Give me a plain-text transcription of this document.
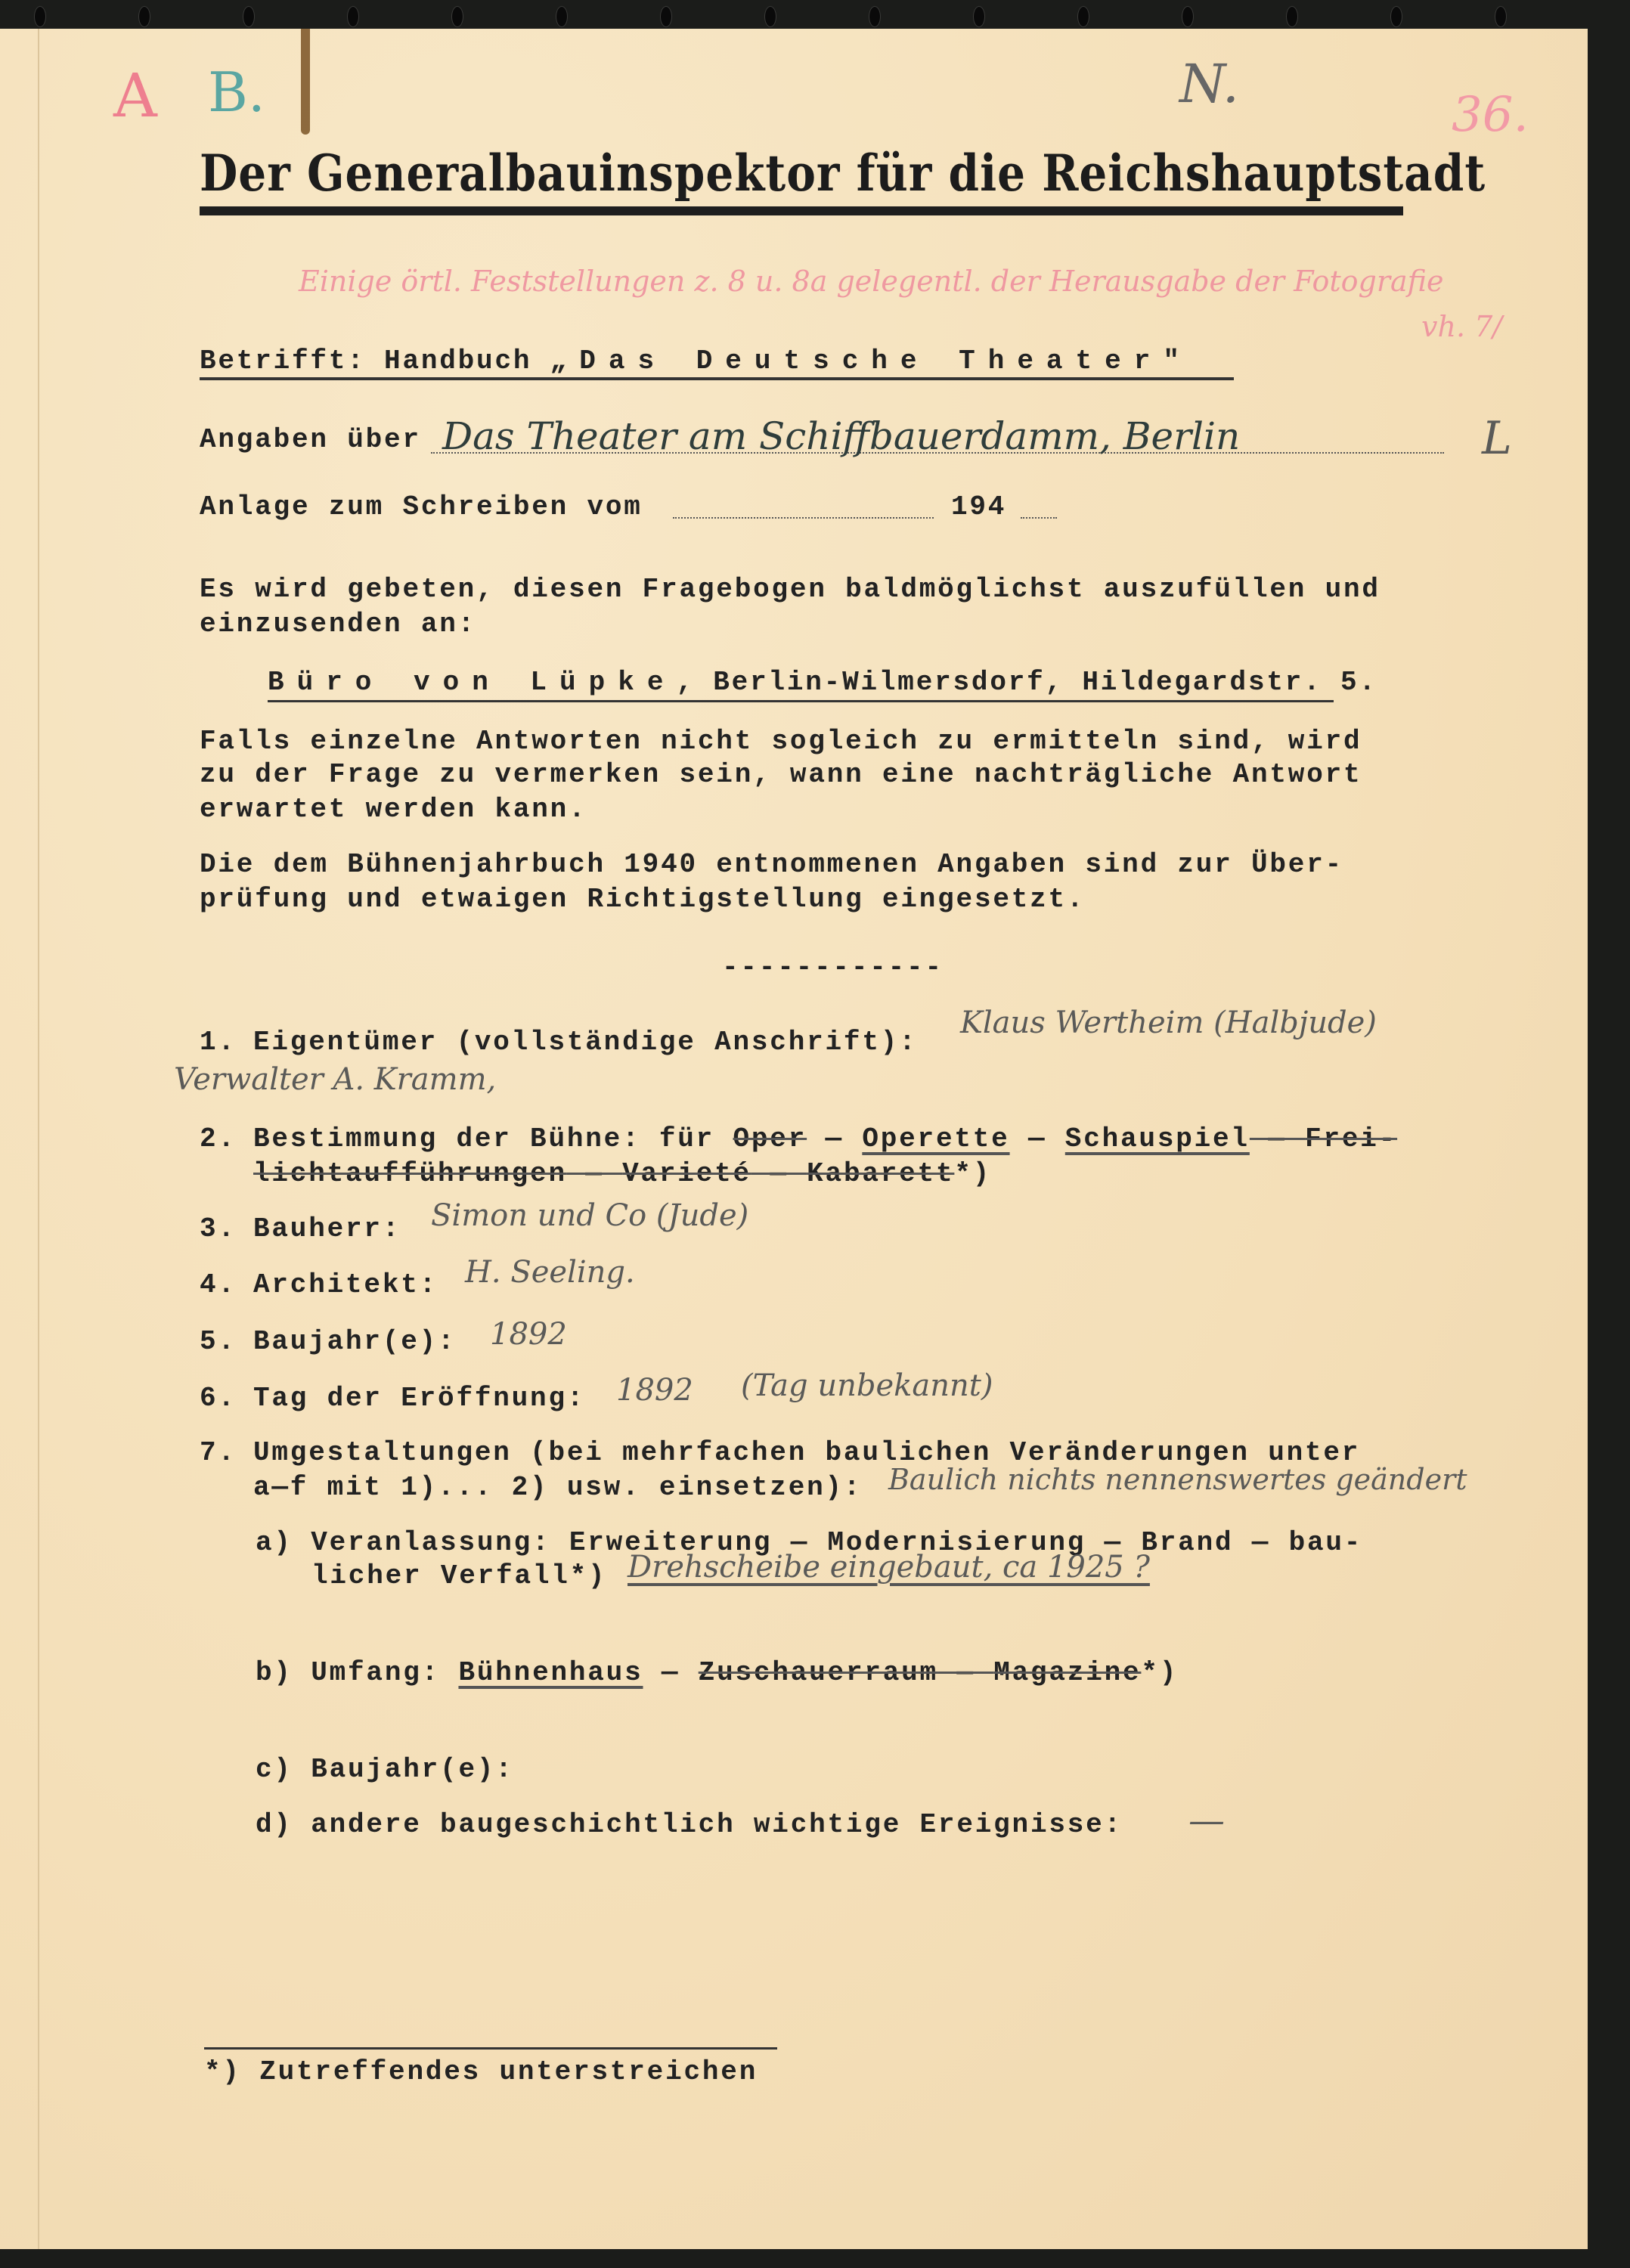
A B.	N.	36.
Der Generalbauinspektor für die Reichshauptstadt
Einige örtl. Feststellungen z. 8 u. 8a gelegentl. der Herausgabe der Fotografie
vh. 7/
Betrifft: Handbuch „Das Deutsche Theater"
Angaben über Das Theater am Schiffbauerdamm, Berlin	L
Anlage zum Schreiben vom	194
Es wird gebeten, diesen Fragebogen baldmöglichst auszufüllen und
einzusenden an:
Büro von Lüpke, Berlin-Wilmersdorf, Hildegardstr. 5.
Falls einzelne Antworten nicht sogleich zu ermitteln sind, wird
zu der Frage zu vermerken sein, wann eine nachträgliche Antwort
erwartet werden kann.
Die dem Bühnenjahrbuch 1940 entnommenen Angaben sind zur Über-
prüfung und etwaigen Richtigstellung eingesetzt.
------------
1. Eigentümer (vollständige Anschrift):
Klaus Wertheim (Halbjude)
Verwalter A. Kramm,
2. Bestimmung der Bühne: für Oper — Operette — Schauspiel — Frei-
lichtaufführungen — Varieté — Kabarett*)
3. Bauherr: Simon und Co (Jude)
4. Architekt: H. Seeling.
5. Baujahr(e): 1892
6. Tag der Eröffnung: 1892 (Tag unbekannt)
7. Umgestaltungen (bei mehrfachen baulichen Veränderungen unter
a—f mit 1)... 2) usw. einsetzen): Baulich nichts nennenswertes geändert
a) Veranlassung: Erweiterung — Modernisierung — Brand — bau-
licher Verfall*) Drehscheibe eingebaut, ca 1925 ?
b) Umfang: Bühnenhaus — Zuschauerraum — Magazine*)
c) Baujahr(e):
d) andere baugeschichtlich wichtige Ereignisse: —
*) Zutreffendes unterstreichen
